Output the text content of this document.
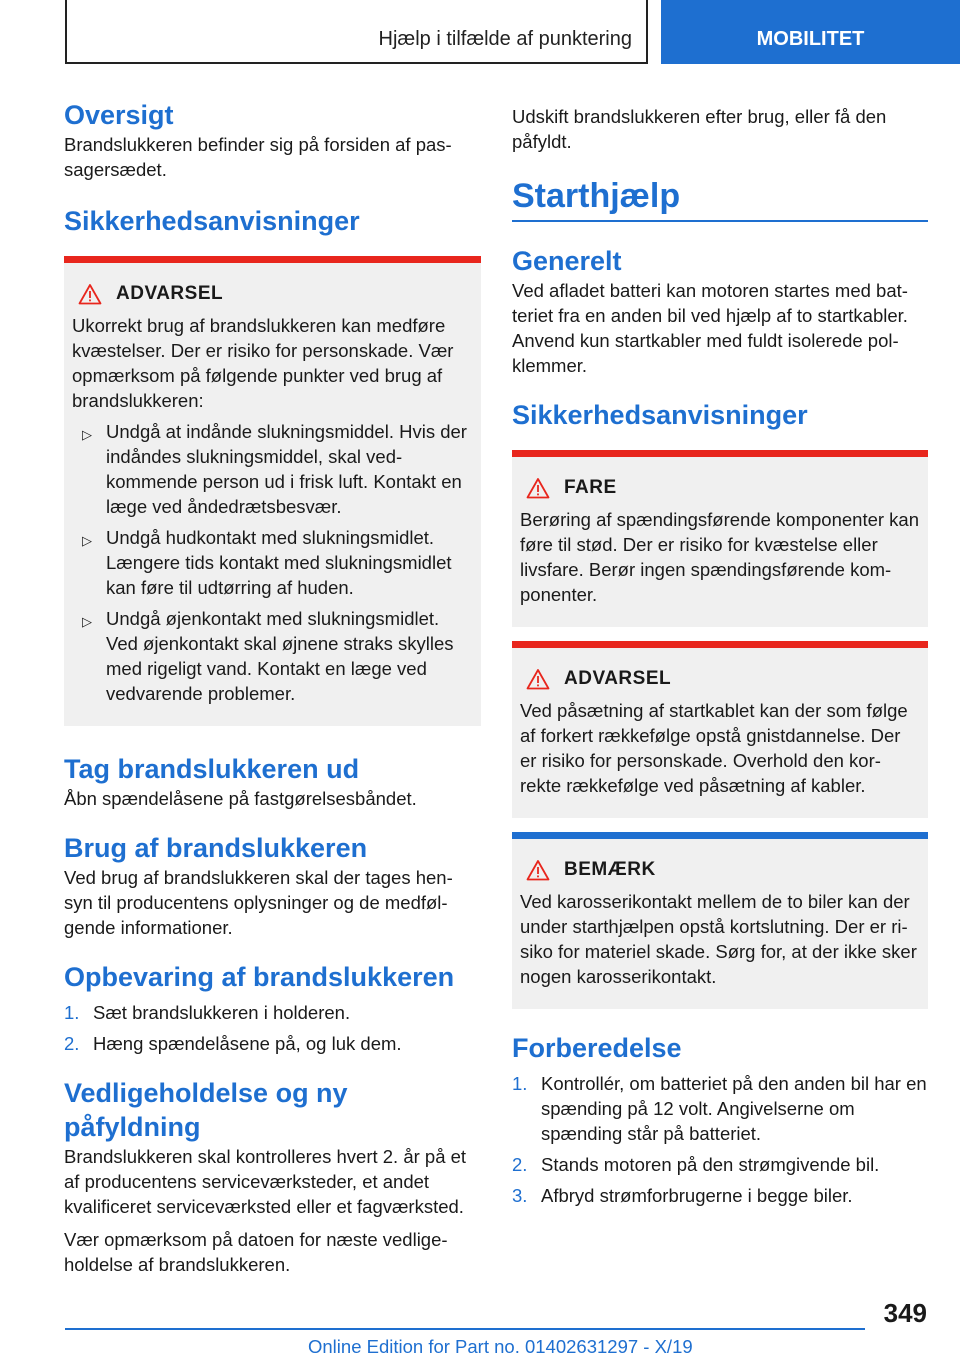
Hjælp i tilfælde af punktering	MOBILITET
Oversigt

Brandslukkeren befinder sig på forsiden af pas-sagersædet.

Sikkerhedsanvisninger
ADVARSEL

Ukorrekt brug af brandslukkeren kan medføre kvæstelser. Der er risiko for personskade. Vær opmærksom på følgende punkter ved brug af brandslukkeren:

▷ Undgå at indånde slukningsmiddel. Hvis der indåndes slukningsmiddel, skal ved-kommende person ud i frisk luft. Kontakt en læge ved åndedrætsbesvær.
▷ Undgå hudkontakt med slukningsmidlet. Længere tids kontakt med slukningsmidlet kan føre til udtørring af huden.
▷ Undgå øjenkontakt med slukningsmidlet. Ved øjenkontakt skal øjnene straks skylles med rigeligt vand. Kontakt en læge ved vedvarende problemer.
Tag brandslukkeren ud

Åbn spændelåsene på fastgørelsesbåndet.

Brug af brandslukkeren

Ved brug af brandslukkeren skal der tages hen-syn til producentens oplysninger og de medføl-gende informationer.

Opbevaring af brandslukkeren
1. Sæt brandslukkeren i holderen.
2. Hæng spændelåsene på, og luk dem.
Vedligeholdelse og ny påfyldning

Brandslukkeren skal kontrolleres hvert 2. år på et af producentens serviceværksteder, et andet kvalificeret serviceværksted eller et fagværksted.

Vær opmærksom på datoen for næste vedlige-holdelse af brandslukkeren.

Udskift brandslukkeren efter brug, eller få den påfyldt.

Starthjælp
Generelt

Ved afladet batteri kan motoren startes med bat-teriet fra en anden bil ved hjælp af to startkabler. Anvend kun startkabler med fuldt isolerede pol-klemmer.

Sikkerhedsanvisninger
FARE

Berøring af spændingsførende komponenter kan føre til stød. Der er risiko for kvæstelse eller livsfare. Berør ingen spændingsførende kom-ponenter.

ADVARSEL

Ved påsætning af startkablet kan der som følge af forkert rækkefølge opstå gnistdannelse. Der er risiko for personskade. Overhold den kor-rekte rækkefølge ved påsætning af kabler.

BEMÆRK

Ved karosserikontakt mellem de to biler kan der under starthjælpen opstå kortslutning. Der er ri-siko for materiel skade. Sørg for, at der ikke sker nogen karosserikontakt.

Forberedelse
1. Kontrollér, om batteriet på den anden bil har en spænding på 12 volt. Angivelserne om spænding står på batteriet.
2. Stands motoren på den strømgivende bil.
3. Afbryd strømforbrugerne i begge biler.
349
Online Edition for Part no. 01402631297 - X/19
